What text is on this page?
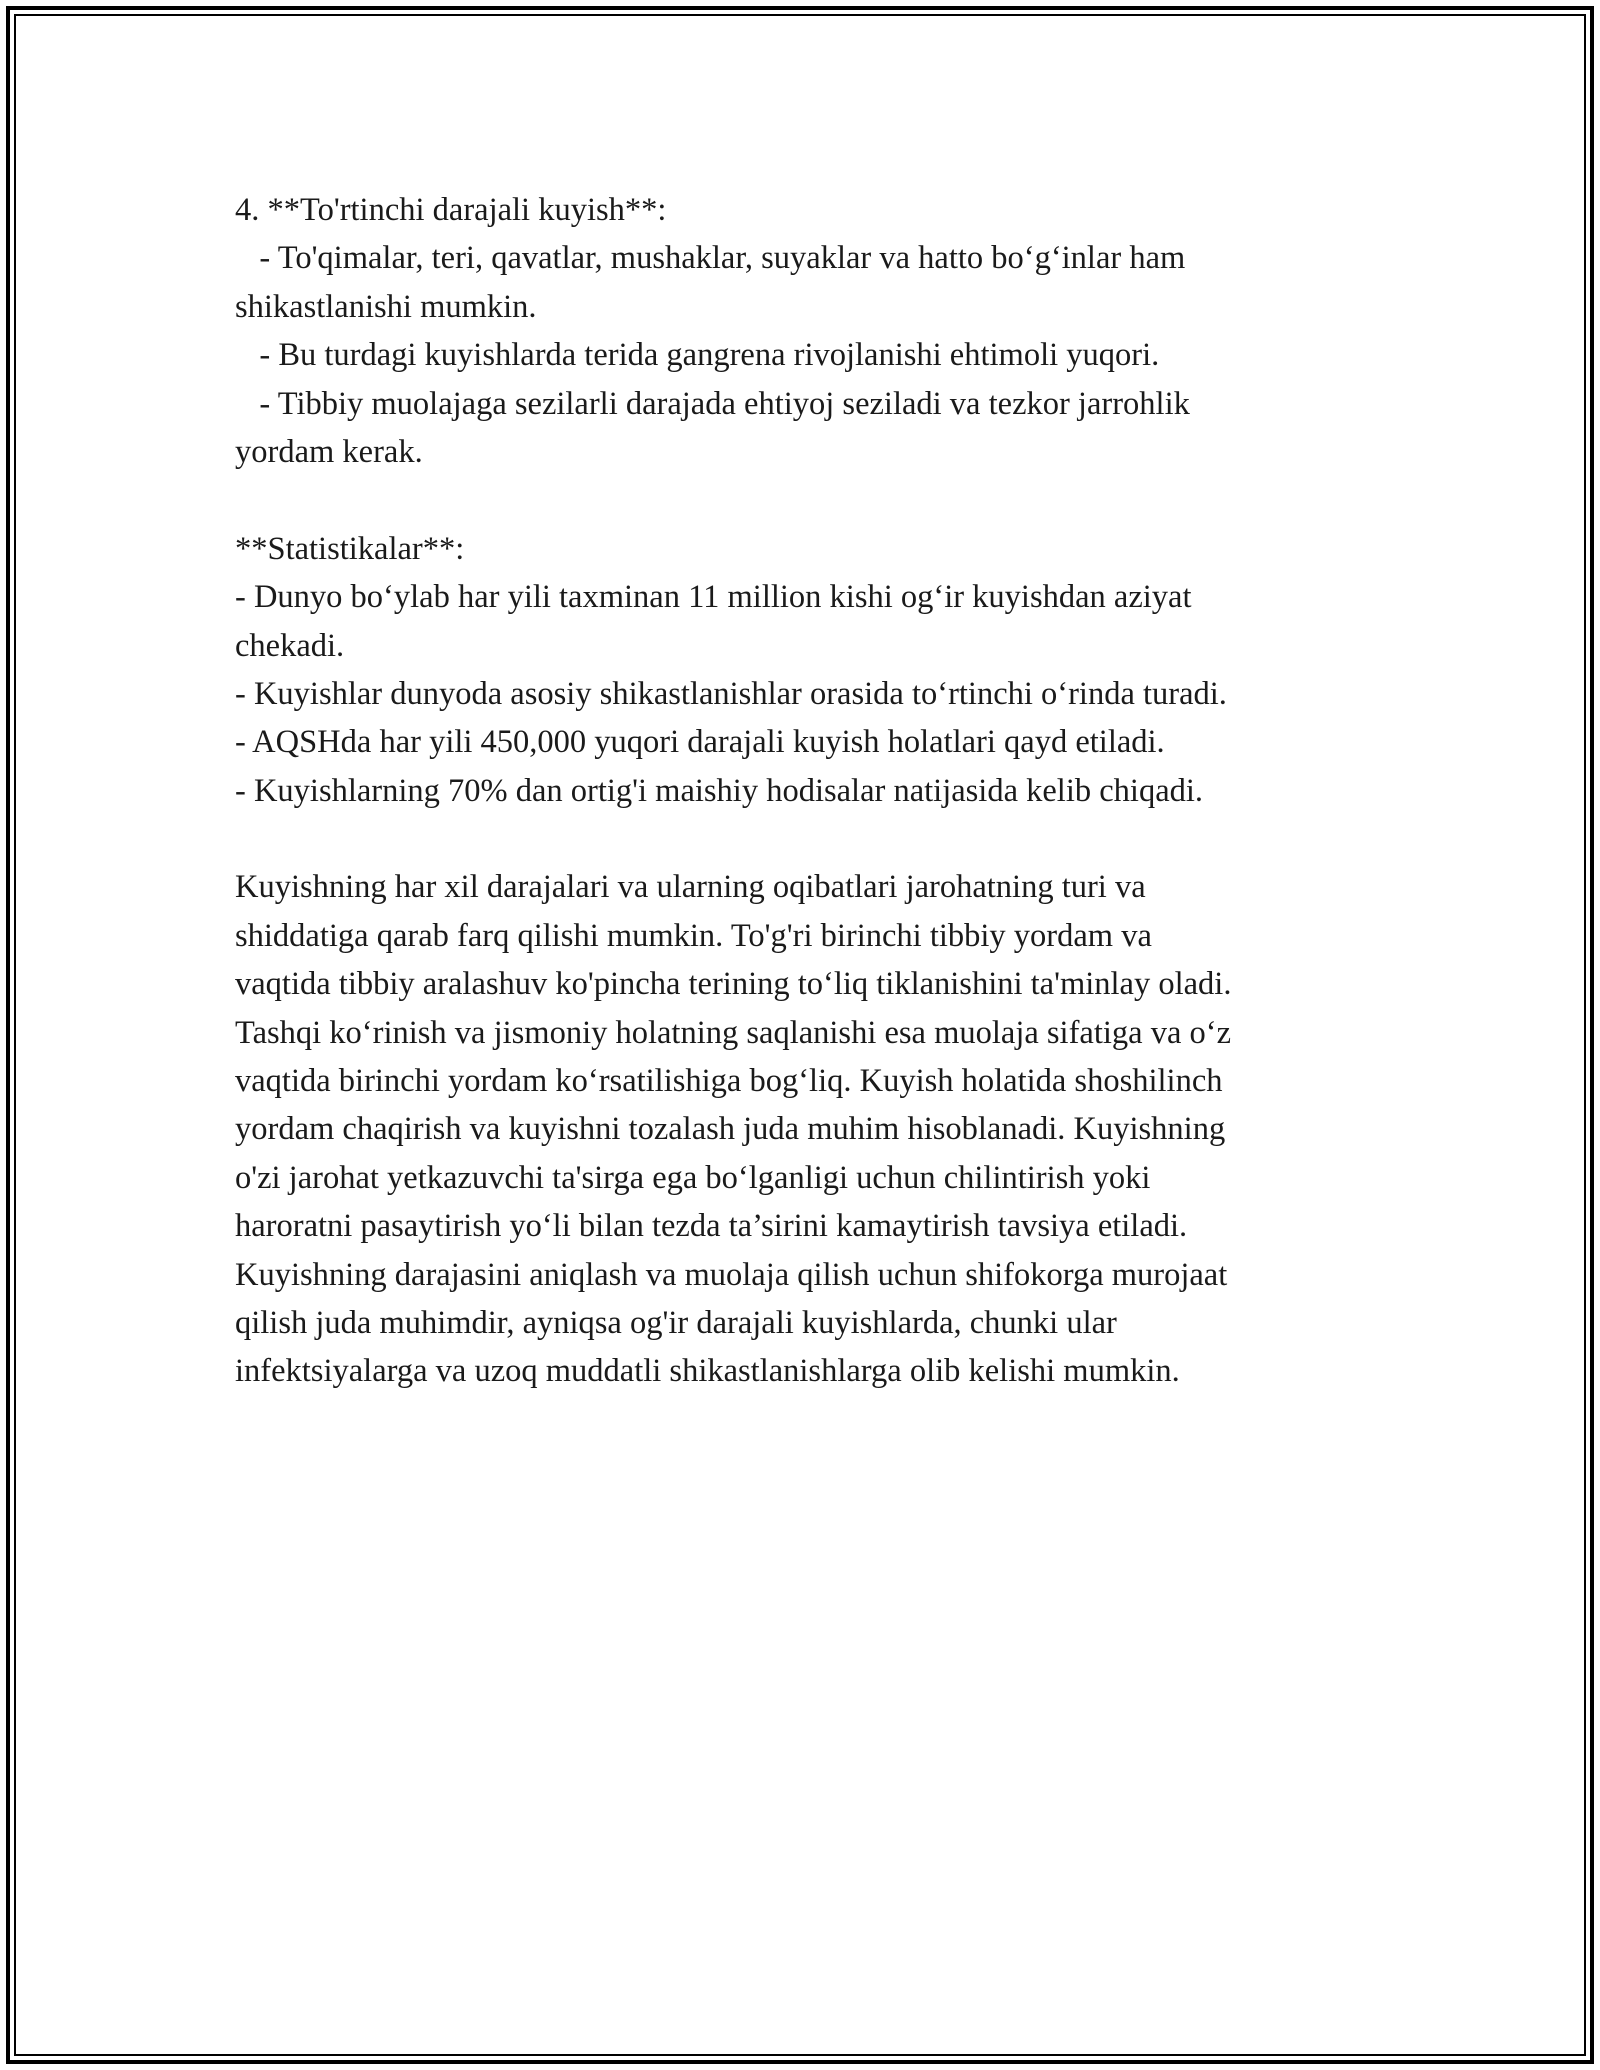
4. **To'rtinchi darajali kuyish**:
- To'qimalar, teri, qavatlar, mushaklar, suyaklar va hatto bo‘g‘inlar ham
shikastlanishi mumkin.
- Bu turdagi kuyishlarda terida gangrena rivojlanishi ehtimoli yuqori.
- Tibbiy muolajaga sezilarli darajada ehtiyoj seziladi va tezkor jarrohlik
yordam kerak.
**Statistikalar**:
- Dunyo bo‘ylab har yili taxminan 11 million kishi og‘ir kuyishdan aziyat
chekadi.
- Kuyishlar dunyoda asosiy shikastlanishlar orasida to‘rtinchi o‘rinda turadi.
- AQSHda har yili 450,000 yuqori darajali kuyish holatlari qayd etiladi.
- Kuyishlarning 70% dan ortig'i maishiy hodisalar natijasida kelib chiqadi.
Kuyishning har xil darajalari va ularning oqibatlari jarohatning turi va
shiddatiga qarab farq qilishi mumkin. To'g'ri birinchi tibbiy yordam va
vaqtida tibbiy aralashuv ko'pincha terining to‘liq tiklanishini ta'minlay oladi.
Tashqi ko‘rinish va jismoniy holatning saqlanishi esa muolaja sifatiga va o‘z
vaqtida birinchi yordam ko‘rsatilishiga bog‘liq. Kuyish holatida shoshilinch
yordam chaqirish va kuyishni tozalash juda muhim hisoblanadi. Kuyishning
o'zi jarohat yetkazuvchi ta'sirga ega bo‘lganligi uchun chilintirish yoki
haroratni pasaytirish yo‘li bilan tezda ta’sirini kamaytirish tavsiya etiladi.
Kuyishning darajasini aniqlash va muolaja qilish uchun shifokorga murojaat
qilish juda muhimdir, ayniqsa og'ir darajali kuyishlarda, chunki ular
infektsiyalarga va uzoq muddatli shikastlanishlarga olib kelishi mumkin.
